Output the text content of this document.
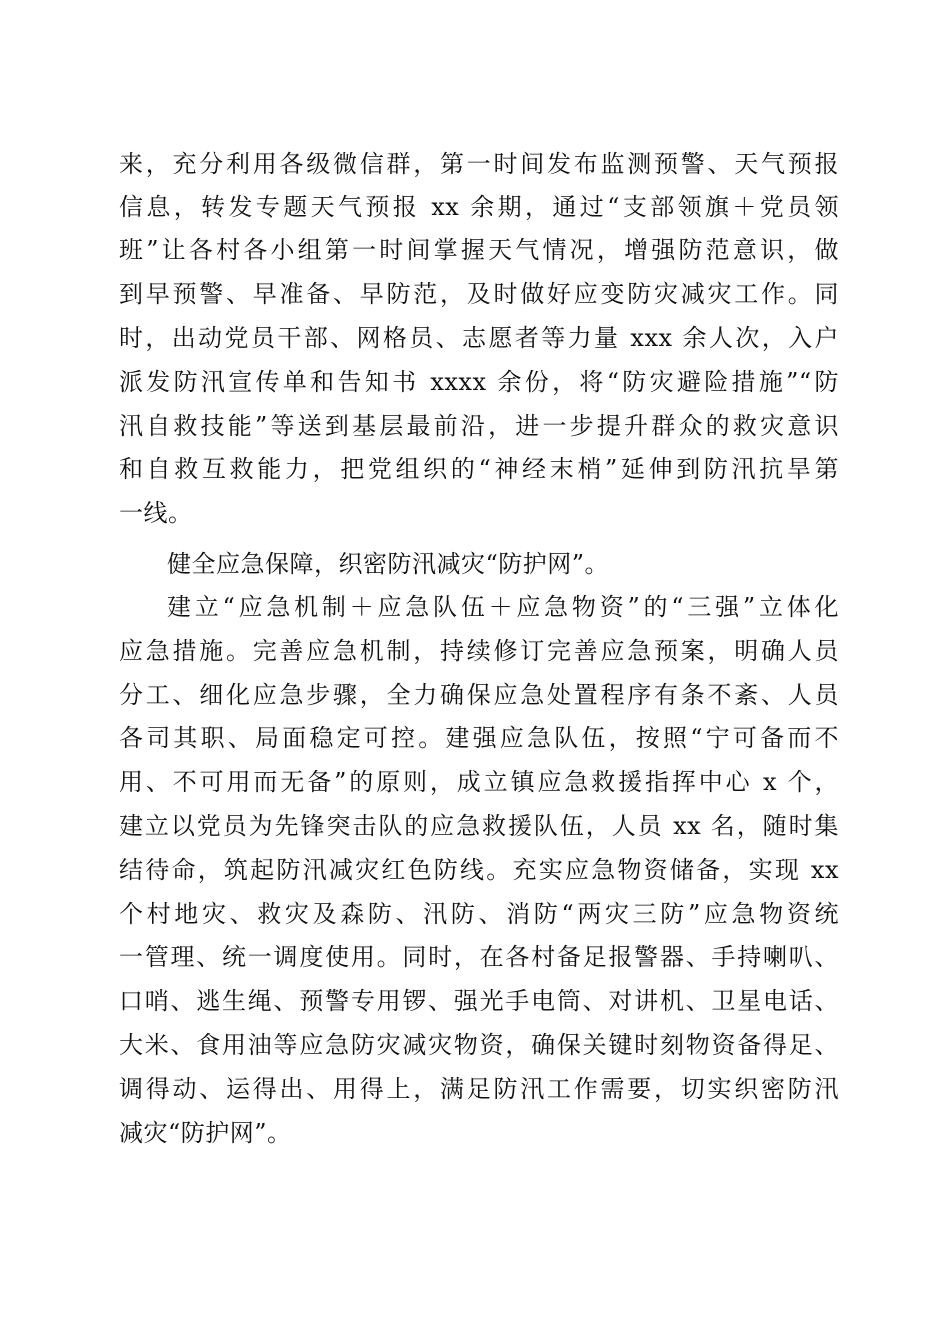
来，充分利用各级微信群，第一时间发布监测预警、天气预报
信息，转发专题天气预报 xx 余期，通过“支部领旗＋党员领
班”让各村各小组第一时间掌握天气情况，增强防范意识，做
到早预警、早准备、早防范，及时做好应变防灾减灾工作。同
时，出动党员干部、网格员、志愿者等力量 xxx 余人次，入户
派发防汛宣传单和告知书 xxxx 余份，将“防灾避险措施”“防
汛自救技能”等送到基层最前沿，进一步提升群众的救灾意识
和自救互救能力，把党组织的“神经末梢”延伸到防汛抗旱第
一线。
健全应急保障，织密防汛减灾“防护网”。
建立“应急机制＋应急队伍＋应急物资”的“三强”立体化
应急措施。完善应急机制，持续修订完善应急预案，明确人员
分工、细化应急步骤，全力确保应急处置程序有条不紊、人员
各司其职、局面稳定可控。建强应急队伍，按照“宁可备而不
用、不可用而无备”的原则，成立镇应急救援指挥中心 x 个，
建立以党员为先锋突击队的应急救援队伍，人员 xx 名，随时集
结待命，筑起防汛减灾红色防线。充实应急物资储备，实现 xx
个村地灾、救灾及森防、汛防、消防“两灾三防”应急物资统
一管理、统一调度使用。同时，在各村备足报警器、手持喇叭、
口哨、逃生绳、预警专用锣、强光手电筒、对讲机、卫星电话、
大米、食用油等应急防灾减灾物资，确保关键时刻物资备得足、
调得动、运得出、用得上，满足防汛工作需要，切实织密防汛
减灾“防护网”。
